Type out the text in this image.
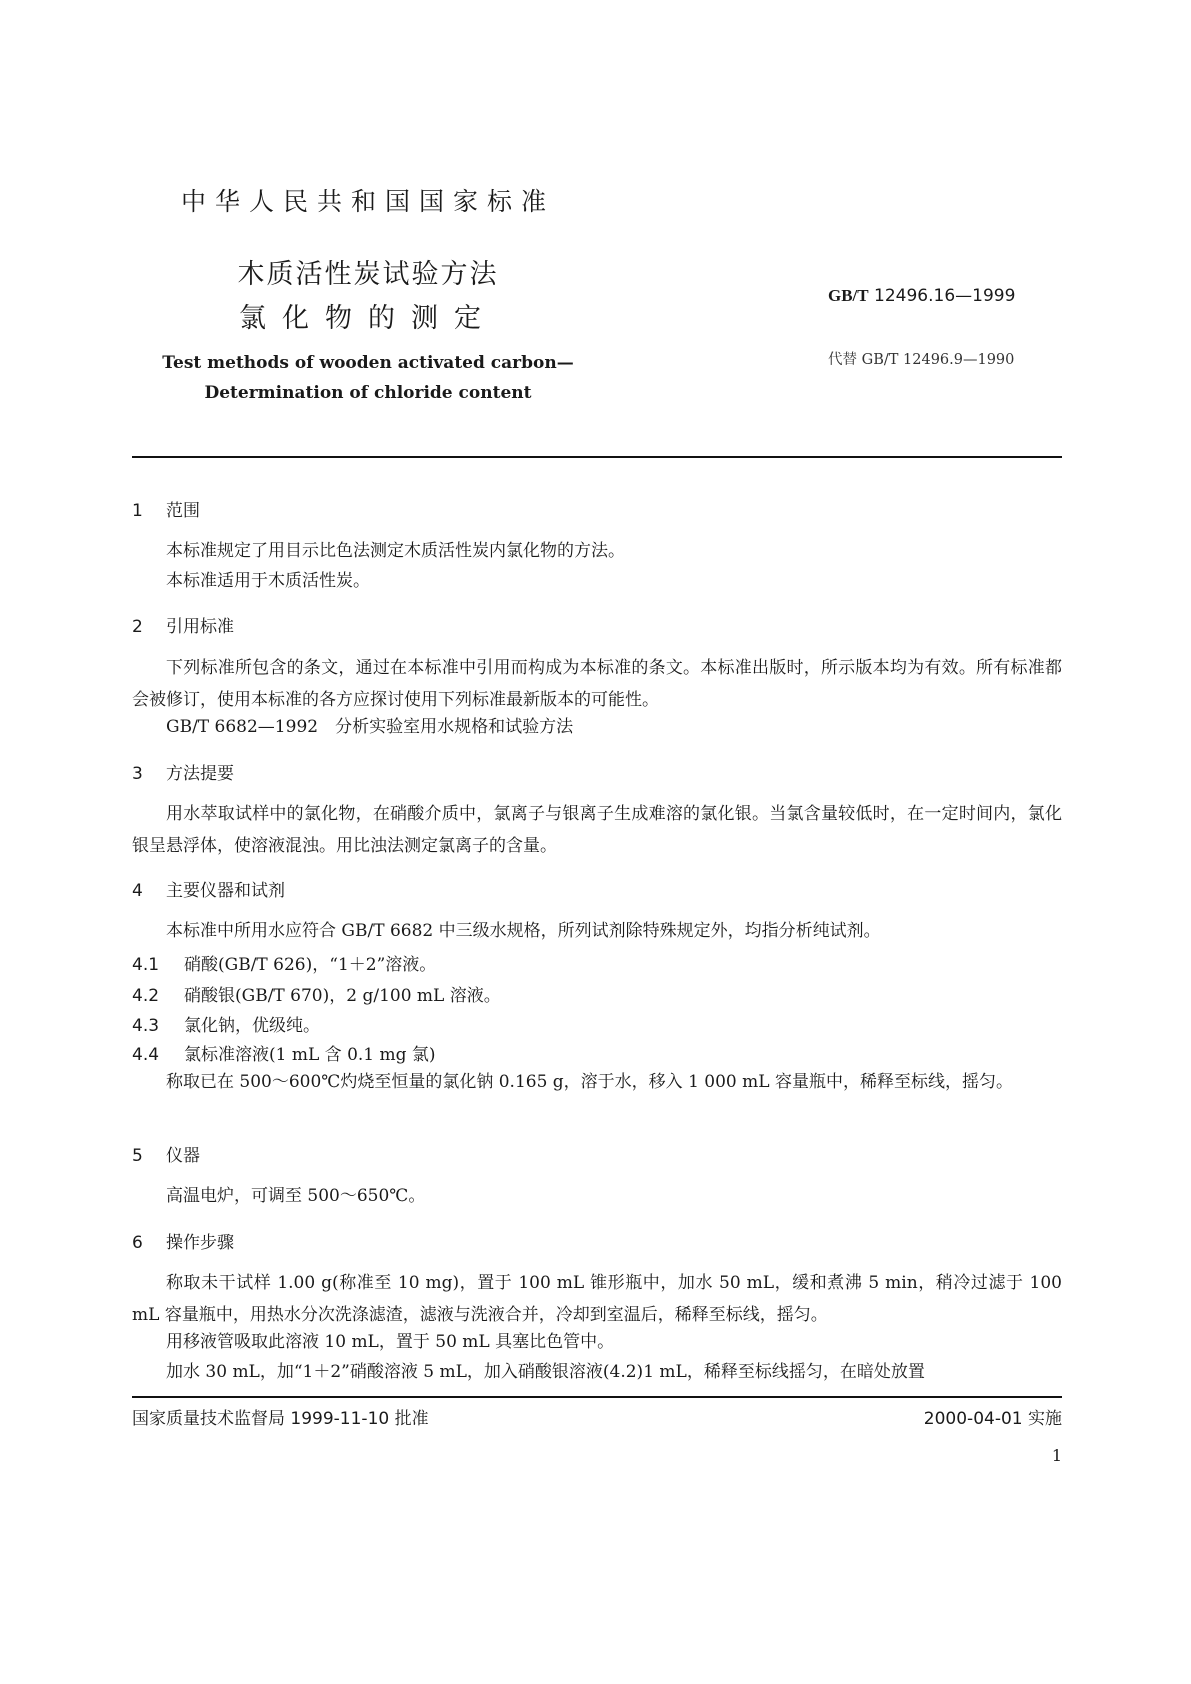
中华人民共和国国家标准
木质活性炭试验方法
氯化物的测定
Test methods of wooden activated carbon—
Determination of chloride content
GB/T 12496.16—1999
代替 GB/T 12496.9—1990
1 范围
本标准规定了用目示比色法测定木质活性炭内氯化物的方法。
本标准适用于木质活性炭。
2 引用标准
下列标准所包含的条文，通过在本标准中引用而构成为本标准的条文。本标准出版时，所示版本均为有效。所有标准都会被修订，使用本标准的各方应探讨使用下列标准最新版本的可能性。
GB/T 6682—1992　分析实验室用水规格和试验方法
3 方法提要
用水萃取试样中的氯化物，在硝酸介质中，氯离子与银离子生成难溶的氯化银。当氯含量较低时，在一定时间内，氯化银呈悬浮体，使溶液混浊。用比浊法测定氯离子的含量。
4 主要仪器和试剂
本标准中所用水应符合 GB/T 6682 中三级水规格，所列试剂除特殊规定外，均指分析纯试剂。
4.1 硝酸(GB/T 626)，“1＋2”溶液。
4.2 硝酸银(GB/T 670)，2 g/100 mL 溶液。
4.3 氯化钠，优级纯。
4.4 氯标准溶液(1 mL 含 0.1 mg 氯)
称取已在 500～600℃灼烧至恒量的氯化钠 0.165 g，溶于水，移入 1 000 mL 容量瓶中，稀释至标线，摇匀。
5 仪器
高温电炉，可调至 500～650℃。
6 操作步骤
称取未干试样 1.00 g(称准至 10 mg)，置于 100 mL 锥形瓶中，加水 50 mL，缓和煮沸 5 min，稍冷过滤于 100 mL 容量瓶中，用热水分次洗涤滤渣，滤液与洗液合并，冷却到室温后，稀释至标线，摇匀。
用移液管吸取此溶液 10 mL，置于 50 mL 具塞比色管中。
加水 30 mL，加“1＋2”硝酸溶液 5 mL，加入硝酸银溶液(4.2)1 mL，稀释至标线摇匀，在暗处放置
国家质量技术监督局 1999-11-10 批准	2000-04-01 实施
1
